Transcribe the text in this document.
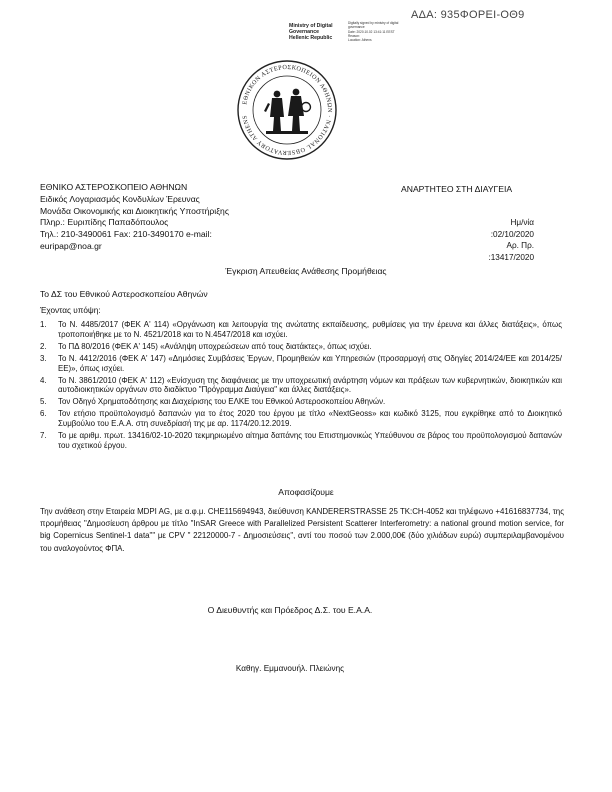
ΑΔΑ: 935ΦΟΡΕΙ-ΟΘ9
Ministry of Digital
Governance
Hellenic Republic
Digitally signed by ministry of digital governance
Date: 2020.10.02 13:41:11 EEST
Reason:
Location: Athens
ΕΘΝΙΚΟΝ ΑΣΤΕΡΟΣΚΟΠΕΙΟΝ ΑΘΗΝΩΝ · NATIONAL OBSERVATORY ATHENS
ΕΘΝΙΚΟ ΑΣΤΕΡΟΣΚΟΠΕΙΟ ΑΘΗΝΩΝ
Ειδικός Λογαριασμός Κονδυλίων Έρευνας
Μονάδα Οικονομικής και Διοικητικής Υποστήριξης
Πληρ.: Ευριπίδης Παπαδόπουλος
Τηλ.: 210-3490061 Fax: 210-3490170 e-mail:
euripap@noa.gr
ΑΝΑΡΤΗΤΕΟ ΣΤΗ ΔΙΑΥΓΕΙΑ
Ημ/νία :02/10/2020
Αρ. Πρ. :13417/2020
Έγκριση Απευθείας Ανάθεσης Προμήθειας
Το ΔΣ του Εθνικού Αστεροσκοπείου Αθηνών
Έχοντας υπόψη:
1.	Το Ν. 4485/2017 (ΦΕΚ Α' 114) «Οργάνωση και λειτουργία της ανώτατης εκπαίδευσης, ρυθμίσεις για την έρευνα και άλλες διατάξεις», όπως τροποποιήθηκε με το Ν. 4521/2018 και το Ν.4547/2018 και ισχύει.
2.	Το ΠΔ 80/2016 (ΦΕΚ Α' 145) «Ανάληψη υποχρεώσεων από τους διατάκτες», όπως ισχύει.
3.	Το Ν. 4412/2016 (ΦΕΚ Α' 147) «Δημόσιες Συμβάσεις Έργων, Προμηθειών και Υπηρεσιών (προσαρμογή στις Οδηγίες 2014/24/ΕΕ και 2014/25/ΕΕ)», όπως ισχύει.
4.	Το Ν. 3861/2010 (ΦΕΚ Α' 112) «Ενίσχυση της διαφάνειας με την υποχρεωτική ανάρτηση νόμων και πράξεων των κυβερνητικών, διοικητικών και αυτοδιοικητικών οργάνων στο διαδίκτυο "Πρόγραμμα Διαύγεια" και άλλες διατάξεις».
5.	Τον Οδηγό Χρηματοδότησης και Διαχείρισης του ΕΛΚΕ του Εθνικού Αστεροσκοπείου Αθηνών.
6.	Τον ετήσιο προϋπολογισμό δαπανών για το έτος 2020 του έργου με τίτλο «NextGeoss» και κωδικό 3125, που εγκρίθηκε από το Διοικητικό Συμβούλιο του Ε.Α.Α. στη συνεδρίασή της με αρ. 1174/20.12.2019.
7.	Το με αριθμ. πρωτ. 13416/02-10-2020 τεκμηριωμένο αίτημα δαπάνης του Επιστημονικώς Υπεύθυνου σε βάρος του προϋπολογισμού δαπανών του σχετικού έργου.
Αποφασίζουμε
Την ανάθεση στην Εταιρεία MDPI AG, με α.φ.μ. CHE115694943, διεύθυνση KANDERERSTRASSE 25 TK:CH-4052 και τηλέφωνο +41616837734, της προμήθειας "Δημοσίευση άρθρου με τίτλο "InSAR Greece with Parallelized Persistent Scatterer Interferometry: a national ground motion service, for big Copernicus Sentinel-1 data"" με CPV " 22120000-7 - Δημοσιεύσεις", αντί του ποσού των 2.000,00€ (δύο χιλιάδων ευρώ) συμπεριλαμβανομένου του αναλογούντος ΦΠΑ.
Ο Διευθυντής και Πρόεδρος Δ.Σ. του Ε.Α.Α.
Καθηγ. Εμμανουήλ. Πλειώνης
